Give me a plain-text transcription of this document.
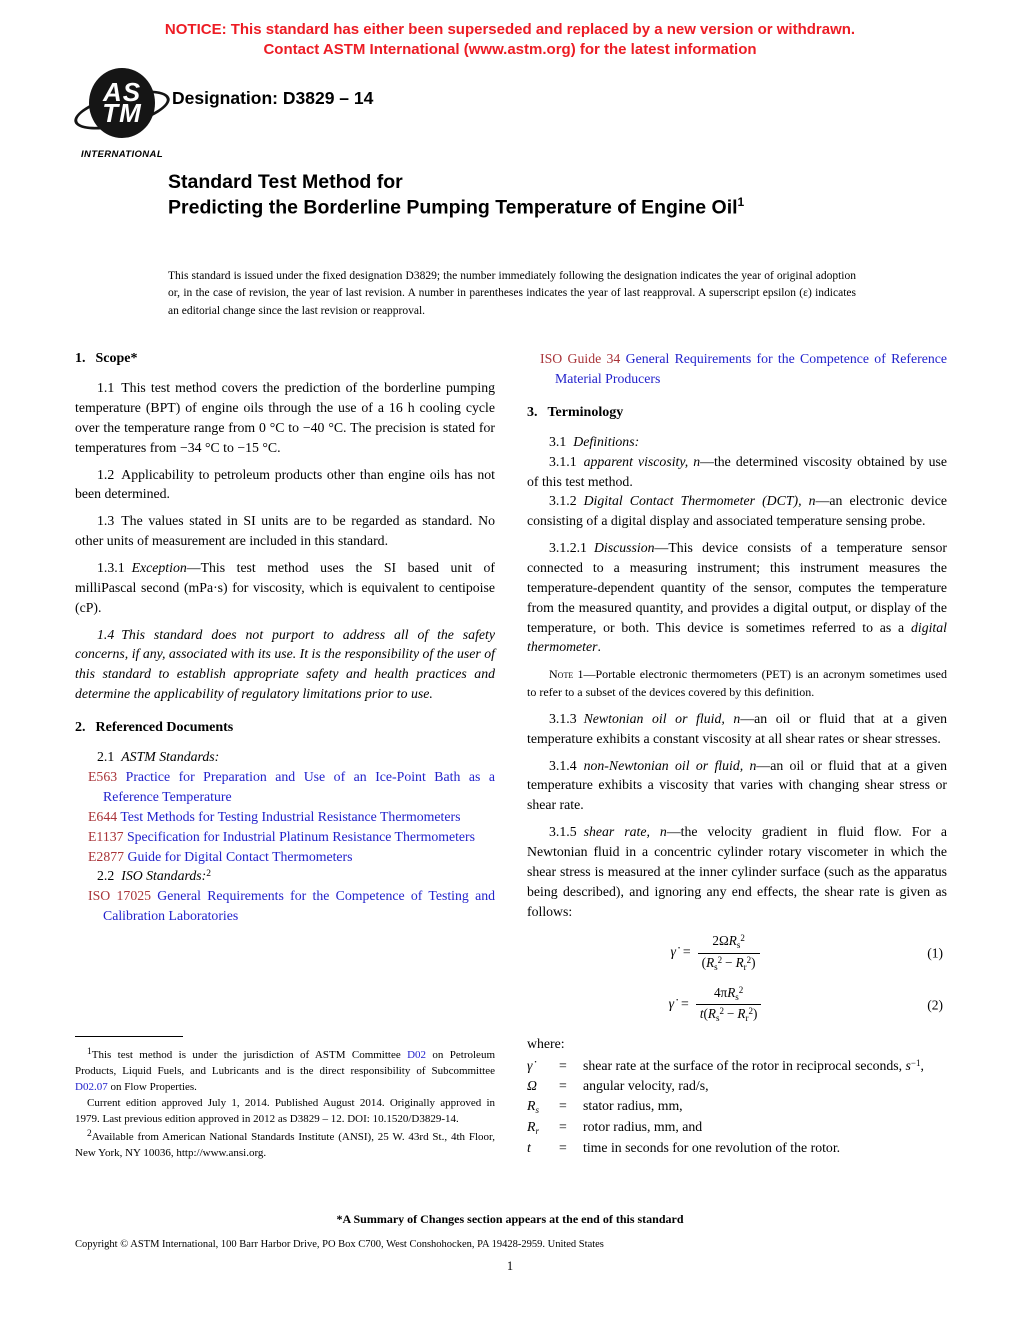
NOTICE: This standard has either been superseded and replaced by a new version or withdrawn.
Contact ASTM International (www.astm.org) for the latest information
AS
TM
INTERNATIONAL
Designation: D3829 – 14
Standard Test Method for
Predicting the Borderline Pumping Temperature of Engine Oil$^1$
This standard is issued under the fixed designation D3829; the number immediately following the designation indicates the year of original adoption or, in the case of revision, the year of last revision. A number in parentheses indicates the year of last reapproval. A superscript epsilon (ε) indicates an editorial change since the last revision or reapproval.
1. Scope*

1.1 This test method covers the prediction of the borderline pumping temperature (BPT) of engine oils through the use of a 16 h cooling cycle over the temperature range from 0 °C to −40 °C. The precision is stated for temperatures from −34 °C to −15 °C.

1.2 Applicability to petroleum products other than engine oils has not been determined.

1.3 The values stated in SI units are to be regarded as standard. No other units of measurement are included in this standard.

1.3.1 Exception—This test method uses the SI based unit of milliPascal second (mPa·s) for viscosity, which is equivalent to centipoise (cP).

1.4 This standard does not purport to address all of the safety concerns, if any, associated with its use. It is the responsibility of the user of this standard to establish appropriate safety and health practices and determine the applicability of regulatory limitations prior to use.

2. Referenced Documents

2.1 ASTM Standards:

E563 Practice for Preparation and Use of an Ice-Point Bath as a Reference Temperature

E644 Test Methods for Testing Industrial Resistance Thermometers

E1137 Specification for Industrial Platinum Resistance Thermometers

E2877 Guide for Digital Contact Thermometers

2.2 ISO Standards:$^2$

ISO 17025 General Requirements for the Competence of Testing and Calibration Laboratories

ISO Guide 34 General Requirements for the Competence of Reference Material Producers

3. Terminology

3.1 Definitions:

3.1.1 apparent viscosity, n—the determined viscosity obtained by use of this test method.

3.1.2 Digital Contact Thermometer (DCT), n—an electronic device consisting of a digital display and associated temperature sensing probe.

3.1.2.1 Discussion—This device consists of a temperature sensor connected to a measuring instrument; this instrument measures the temperature-dependent quantity of the sensor, computes the temperature from the measured quantity, and provides a digital output, or display of the temperature, or both. This device is sometimes referred to as a digital thermometer.

Note 1—Portable electronic thermometers (PET) is an acronym sometimes used to refer to a subset of the devices covered by this definition.

3.1.3 Newtonian oil or fluid, n—an oil or fluid that at a given temperature exhibits a constant viscosity at all shear rates or shear stresses.

3.1.4 non-Newtonian oil or fluid, n—an oil or fluid that at a given temperature exhibits a viscosity that varies with changing shear stress or shear rate.

3.1.5 shear rate, n—the velocity gradient in fluid flow. For a Newtonian fluid in a concentric cylinder rotary viscometer in which the shear stress is measured at the inner cylinder surface (such as the apparatus being described), and ignoring any end effects, the shear rate is given as follows:

γ̇ = $\frac{2\Omega R_s^2}{(R_s^2 - R_r^2)}$	(1)
γ̇ = $\frac{4\pi R_s^2}{t(R_s^2 - R_r^2)}$	(2)

where:

γ̇	=	shear rate at the surface of the rotor in reciprocal seconds, $s^{-1}$,
Ω	=	angular velocity, rad/s,
$R_s$	=	stator radius, mm,
$R_r$	=	rotor radius, mm, and
t	=	time in seconds for one revolution of the rotor.

$^1$This test method is under the jurisdiction of ASTM Committee D02 on Petroleum Products, Liquid Fuels, and Lubricants and is the direct responsibility of Subcommittee D02.07 on Flow Properties.

Current edition approved July 1, 2014. Published August 2014. Originally approved in 1979. Last previous edition approved in 2012 as D3829 – 12. DOI: 10.1520/D3829-14.

$^2$Available from American National Standards Institute (ANSI), 25 W. 43rd St., 4th Floor, New York, NY 10036, http://www.ansi.org.

*A Summary of Changes section appears at the end of this standard
Copyright © ASTM International, 100 Barr Harbor Drive, PO Box C700, West Conshohocken, PA 19428-2959. United States
1
